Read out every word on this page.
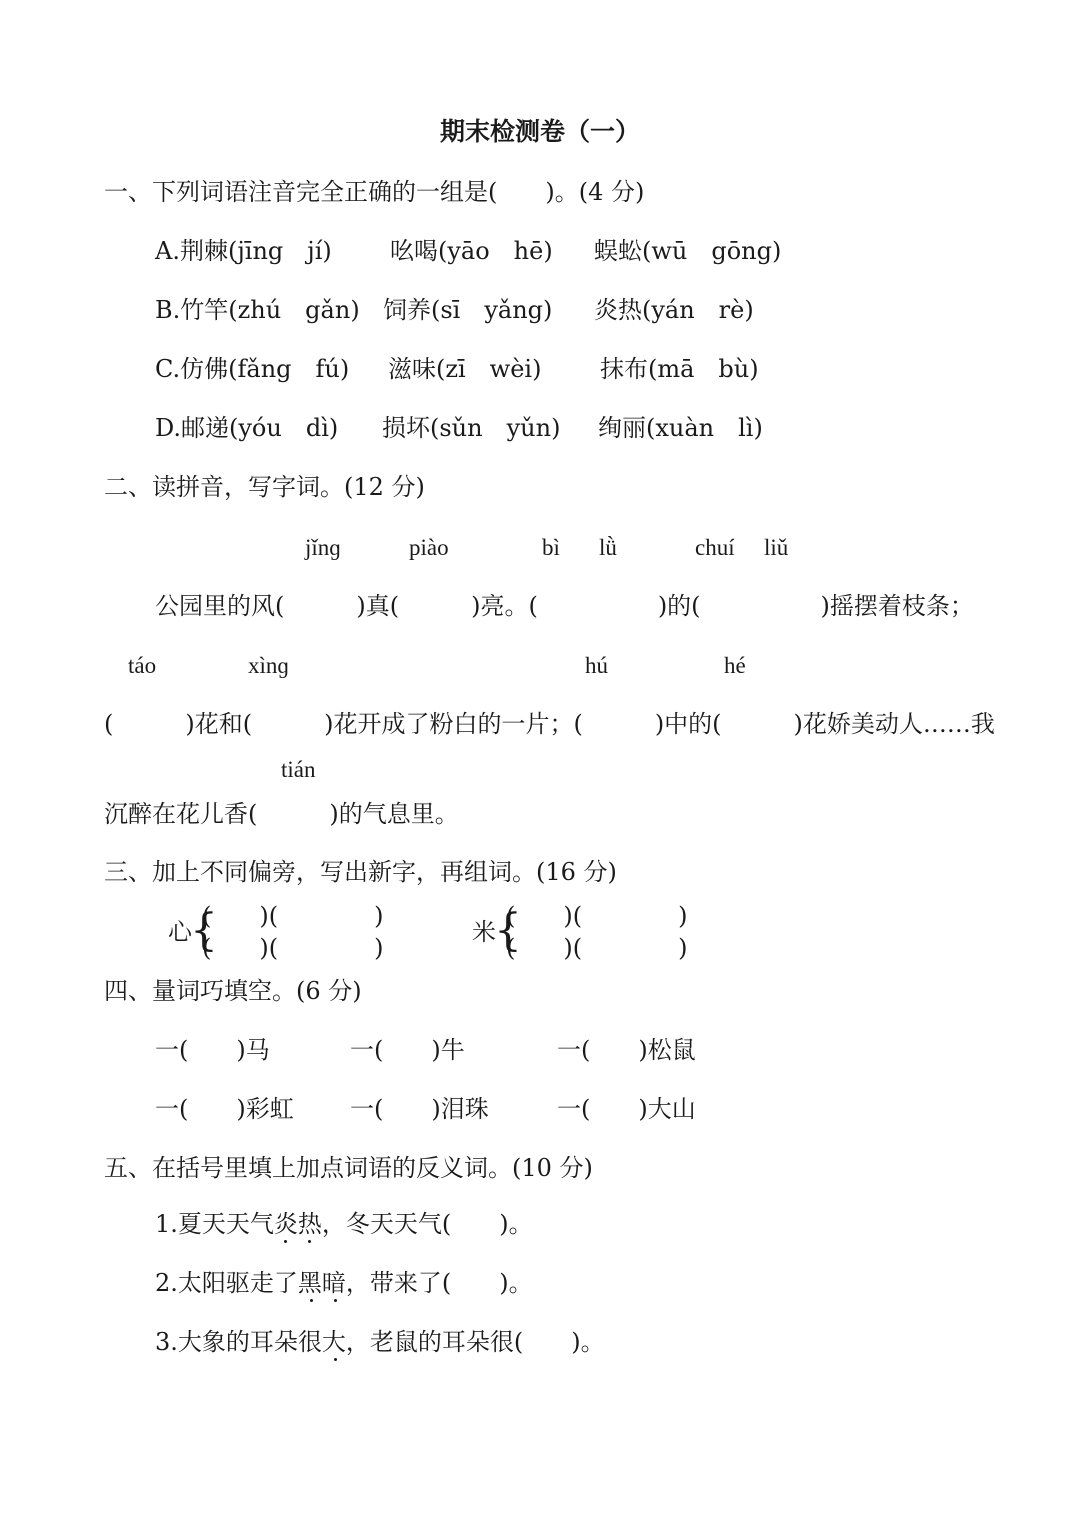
期末检测卷（一）
一、下列词语注音完全正确的一组是(　　)。(4 分)
A.荆棘(jīng　jí) 吆喝(yāo　hē) 蜈蚣(wū　gōng)
B.竹竿(zhú　gǎn) 饲养(sī　yǎng) 炎热(yán　rè)
C.仿佛(fǎng　fú) 滋味(zī　wèi) 抹布(mā　bù)
D.邮递(yóu　dì) 损坏(sǔn　yǔn) 绚丽(xuàn　lì)
二、读拼音，写字词。(12 分)
jǐnɡ	piào	bì lǜ	chuí liǔ
公园里的风(　　　)真(　　　)亮。(　　　　　)的(　　　　　)摇摆着枝条；
táo	xìnɡ	hú	hé
(　　　)花和(　　　)花开成了粉白的一片；(　　　)中的(　　　)花娇美动人……我
tián
沉醉在花儿香(　　　)的气息里。
三、加上不同偏旁，写出新字，再组词。(16 分)
心
{
(　　)(　　　　)
(　　)(　　　　)
米
{
(　　)(　　　　)
(　　)(　　　　)
四、量词巧填空。(6 分)
一(　　)马	一(　　)牛	一(　　)松鼠
一(　　)彩虹 一(　　)泪珠	一(　　)大山
五、在括号里填上加点词语的反义词。(10 分)
1.夏天天气炎热，冬天天气(　　)。
2.太阳驱走了黑暗，带来了(　　)。
3.大象的耳朵很大，老鼠的耳朵很(　　)。
